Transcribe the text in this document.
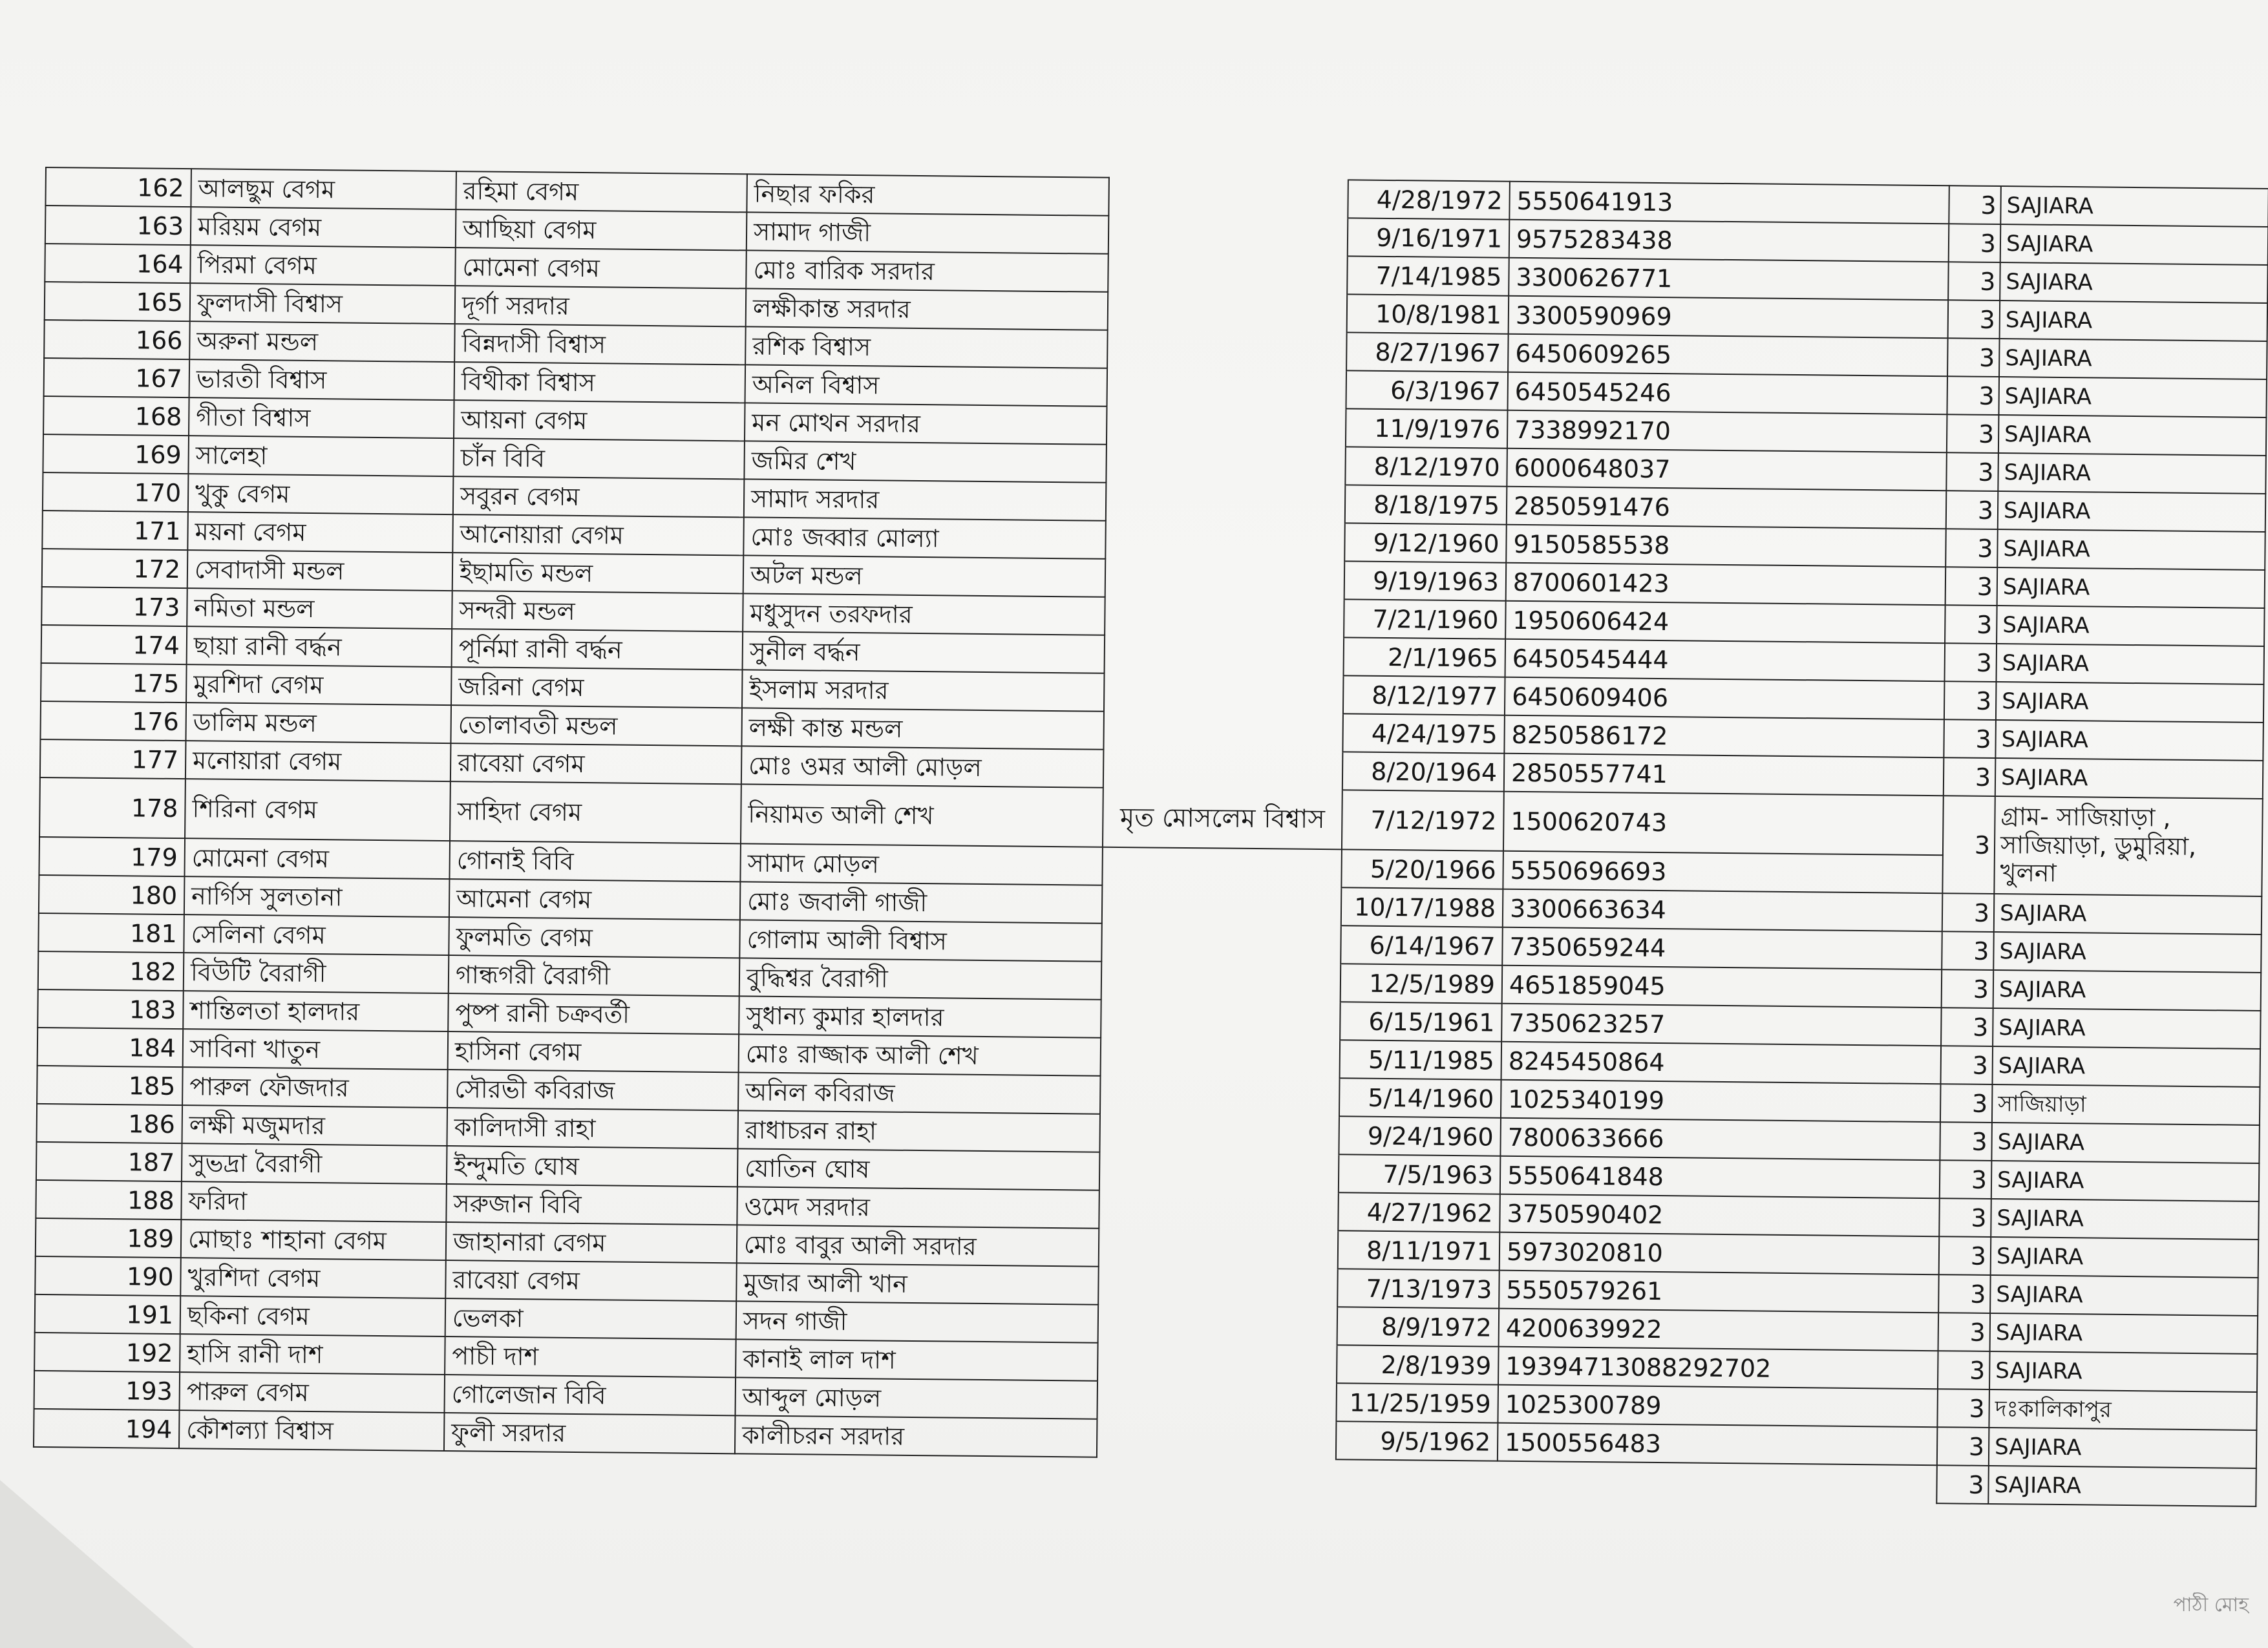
162	আলছুম বেগম	রহিমা বেগম	নিছার ফকির		4/28/1972	5550641913	3	SAJIARA
163	মরিয়ম বেগম	আছিয়া বেগম	সামাদ গাজী		9/16/1971	9575283438	3	SAJIARA
164	পিরমা বেগম	মোমেনা বেগম	মোঃ বারিক সরদার		7/14/1985	3300626771	3	SAJIARA
165	ফুলদাসী বিশ্বাস	দূর্গা সরদার	লক্ষীকান্ত সরদার		10/8/1981	3300590969	3	SAJIARA
166	অরুনা মন্ডল	বিন্নদাসী বিশ্বাস	রশিক বিশ্বাস		8/27/1967	6450609265	3	SAJIARA
167	ভারতী বিশ্বাস	বিথীকা বিশ্বাস	অনিল বিশ্বাস		6/3/1967	6450545246	3	SAJIARA
168	গীতা বিশ্বাস	আয়না বেগম	মন মোথন সরদার		11/9/1976	7338992170	3	SAJIARA
169	সালেহা	চাঁন বিবি	জমির শেখ		8/12/1970	6000648037	3	SAJIARA
170	খুকু বেগম	সবুরন বেগম	সামাদ সরদার		8/18/1975	2850591476	3	SAJIARA
171	ময়না বেগম	আনোয়ারা বেগম	মোঃ জব্বার মোল্যা		9/12/1960	9150585538	3	SAJIARA
172	সেবাদাসী মন্ডল	ইছামতি মন্ডল	অটল মন্ডল		9/19/1963	8700601423	3	SAJIARA
173	নমিতা মন্ডল	সন্দরী মন্ডল	মধুসুদন তরফদার		7/21/1960	1950606424	3	SAJIARA
174	ছায়া রানী বর্দ্ধন	পূর্নিমা রানী বর্দ্ধন	সুনীল বর্দ্ধন		2/1/1965	6450545444	3	SAJIARA
175	মুরশিদা বেগম	জরিনা বেগম	ইসলাম সরদার		8/12/1977	6450609406	3	SAJIARA
176	ডালিম মন্ডল	তোলাবতী মন্ডল	লক্ষী কান্ত মন্ডল		4/24/1975	8250586172	3	SAJIARA
177	মনোয়ারা বেগম	রাবেয়া বেগম	মোঃ ওমর আলী মোড়ল		8/20/1964	2850557741	3	SAJIARA
178	শিরিনা বেগম	সাহিদা বেগম	নিয়ামত আলী শেখ	মৃত মোসলেম বিশ্বাস	7/12/1972	1500620743	3	গ্রাম- সাজিয়াড়া , সাজিয়াড়া, ডুমুরিয়া, খুলনা
179	মোমেনা বেগম	গোনাই বিবি	সামাদ মোড়ল		5/20/1966	5550696693		
180	নার্গিস সুলতানা	আমেনা বেগম	মোঃ জবালী গাজী		10/17/1988	3300663634	3	SAJIARA
181	সেলিনা বেগম	ফুলমতি বেগম	গোলাম আলী বিশ্বাস		6/14/1967	7350659244	3	SAJIARA
182	বিউটি বৈরাগী	গান্ধগরী বৈরাগী	বুদ্ধিশ্বর বৈরাগী		12/5/1989	4651859045	3	SAJIARA
183	শান্তিলতা হালদার	পুষ্প রানী চক্রবর্তী	সুধান্য কুমার হালদার		6/15/1961	7350623257	3	SAJIARA
184	সাবিনা খাতুন	হাসিনা বেগম	মোঃ রাজ্জাক আলী শেখ		5/11/1985	8245450864	3	SAJIARA
185	পারুল ফৌজদার	সৌরভী কবিরাজ	অনিল কবিরাজ		5/14/1960	1025340199	3	সাজিয়াড়া
186	লক্ষী মজুমদার	কালিদাসী রাহা	রাধাচরন রাহা		9/24/1960	7800633666	3	SAJIARA
187	সুভদ্রা বৈরাগী	ইন্দুমতি ঘোষ	যোতিন ঘোষ		7/5/1963	5550641848	3	SAJIARA
188	ফরিদা	সরুজান বিবি	ওমেদ সরদার		4/27/1962	3750590402	3	SAJIARA
189	মোছাঃ শাহানা বেগম	জাহানারা বেগম	মোঃ বাবুর আলী সরদার		8/11/1971	5973020810	3	SAJIARA
190	খুরশিদা বেগম	রাবেয়া বেগম	মুজার আলী খান		7/13/1973	5550579261	3	SAJIARA
191	ছকিনা বেগম	ভেলকা	সদন গাজী		8/9/1972	4200639922	3	SAJIARA
192	হাসি রানী দাশ	পাচী দাশ	কানাই লাল দাশ		2/8/1939	19394713088292702	3	SAJIARA
193	পারুল বেগম	গোলেজান বিবি	আব্দুল মোড়ল		11/25/1959	1025300789	3	দঃকালিকাপুর
194	কৌশল্যা বিশ্বাস	ফুলী সরদার	কালীচরন সরদার		9/5/1962	1500556483	3	SAJIARA
							3	SAJIARA
পাঠী মোহ
